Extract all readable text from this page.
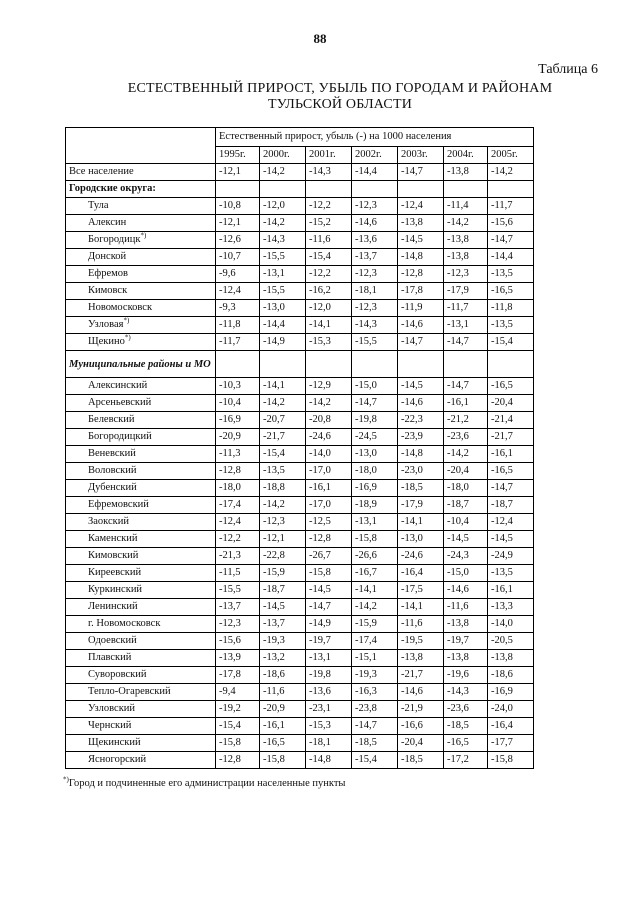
88
Таблица 6
ЕСТЕСТВЕННЫЙ ПРИРОСТ, УБЫЛЬ ПО ГОРОДАМ И РАЙОНАМ
ТУЛЬСКОЙ ОБЛАСТИ
	Естественный прирост, убыль (-) на 1000 населения						
	1995г.	2000г.	2001г.	2002г.	2003г.	2004г.	2005г.
Все население	-12,1	-14,2	-14,3	-14,4	-14,7	-13,8	-14,2
Городские округа:							
Тула	-10,8	-12,0	-12,2	-12,3	-12,4	-11,4	-11,7
Алексин	-12,1	-14,2	-15,2	-14,6	-13,8	-14,2	-15,6
Богородицк*)	-12,6	-14,3	-11,6	-13,6	-14,5	-13,8	-14,7
Донской	-10,7	-15,5	-15,4	-13,7	-14,8	-13,8	-14,4
Ефремов	-9,6	-13,1	-12,2	-12,3	-12,8	-12,3	-13,5
Кимовск	-12,4	-15,5	-16,2	-18,1	-17,8	-17,9	-16,5
Новомосковск	-9,3	-13,0	-12,0	-12,3	-11,9	-11,7	-11,8
Узловая*)	-11,8	-14,4	-14,1	-14,3	-14,6	-13,1	-13,5
Щекино*)	-11,7	-14,9	-15,3	-15,5	-14,7	-14,7	-15,4
Муниципальные районы и МО							
Алексинский	-10,3	-14,1	-12,9	-15,0	-14,5	-14,7	-16,5
Арсеньевский	-10,4	-14,2	-14,2	-14,7	-14,6	-16,1	-20,4
Белевский	-16,9	-20,7	-20,8	-19,8	-22,3	-21,2	-21,4
Богородицкий	-20,9	-21,7	-24,6	-24,5	-23,9	-23,6	-21,7
Веневский	-11,3	-15,4	-14,0	-13,0	-14,8	-14,2	-16,1
Воловский	-12,8	-13,5	-17,0	-18,0	-23,0	-20,4	-16,5
Дубенский	-18,0	-18,8	-16,1	-16,9	-18,5	-18,0	-14,7
Ефремовский	-17,4	-14,2	-17,0	-18,9	-17,9	-18,7	-18,7
Заокский	-12,4	-12,3	-12,5	-13,1	-14,1	-10,4	-12,4
Каменский	-12,2	-12,1	-12,8	-15,8	-13,0	-14,5	-14,5
Кимовский	-21,3	-22,8	-26,7	-26,6	-24,6	-24,3	-24,9
Киреевский	-11,5	-15,9	-15,8	-16,7	-16,4	-15,0	-13,5
Куркинский	-15,5	-18,7	-14,5	-14,1	-17,5	-14,6	-16,1
Ленинский	-13,7	-14,5	-14,7	-14,2	-14,1	-11,6	-13,3
г. Новомосковск	-12,3	-13,7	-14,9	-15,9	-11,6	-13,8	-14,0
Одоевский	-15,6	-19,3	-19,7	-17,4	-19,5	-19,7	-20,5
Плавский	-13,9	-13,2	-13,1	-15,1	-13,8	-13,8	-13,8
Суворовский	-17,8	-18,6	-19,8	-19,3	-21,7	-19,6	-18,6
Тепло-Огаревский	-9,4	-11,6	-13,6	-16,3	-14,6	-14,3	-16,9
Узловский	-19,2	-20,9	-23,1	-23,8	-21,9	-23,6	-24,0
Чернский	-15,4	-16,1	-15,3	-14,7	-16,6	-18,5	-16,4
Щекинский	-15,8	-16,5	-18,1	-18,5	-20,4	-16,5	-17,7
Ясногорский	-12,8	-15,8	-14,8	-15,4	-18,5	-17,2	-15,8
*)Город и подчиненные его администрации населенные пункты
